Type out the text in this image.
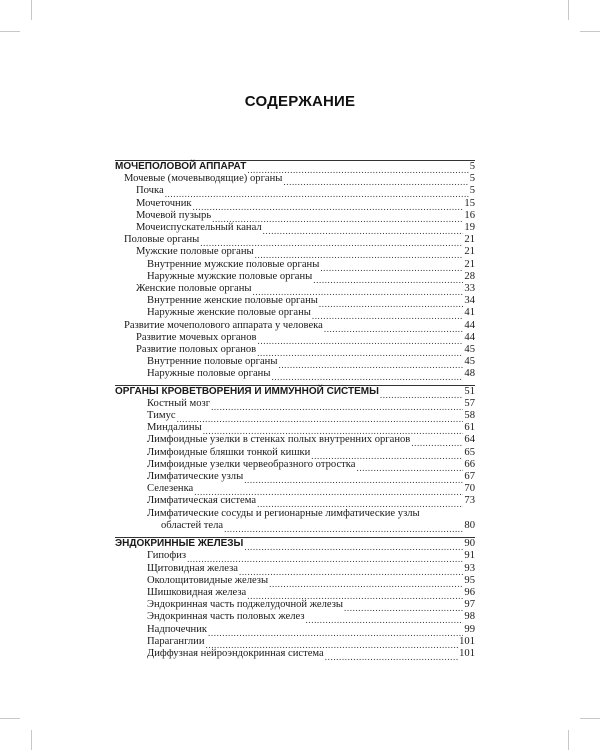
СОДЕРЖАНИЕ
МОЧЕПОЛОВОЙ АППАРАТ .....	5
Мочевые (мочевыводящие) органы .....	5
Почка .....	5
Мочеточник .....	15
Мочевой пузырь .....	16
Мочеиспускательный канал .....	19
Половые органы .....	21
Мужские половые органы .....	21
Внутренние мужские половые органы .....	21
Наружные мужские половые органы .....	28
Женские половые органы .....	33
Внутренние женские половые органы .....	34
Наружные женские половые органы .....	41
Развитие мочеполового аппарата у человека .....	44
Развитие мочевых органов .....	44
Развитие половых органов .....	45
Внутренние половые органы .....	45
Наружные половые органы .....	48
ОРГАНЫ КРОВЕТВОРЕНИЯ И ИММУННОЙ СИСТЕМЫ .....	51
Костный мозг .....	57
Тимус .....	58
Миндалины .....	61
Лимфоидные узелки в стенках полых внутренних органов .....	64
Лимфоидные бляшки тонкой кишки .....	65
Лимфоидные узелки червеобразного отростка .....	66
Лимфатические узлы .....	67
Селезенка .....	70
Лимфатическая система .....	73
Лимфатические сосуды и регионарные лимфатические узлы
областей тела .....	80
ЭНДОКРИННЫЕ ЖЕЛЕЗЫ .....	90
Гипофиз .....	91
Щитовидная железа .....	93
Околощитовидные железы .....	95
Шишковидная железа .....	96
Эндокринная часть поджелудочной железы .....	97
Эндокринная часть половых желез .....	98
Надпочечник .....	99
Параганглии .....	101
Диффузная нейроэндокринная система .....	101
